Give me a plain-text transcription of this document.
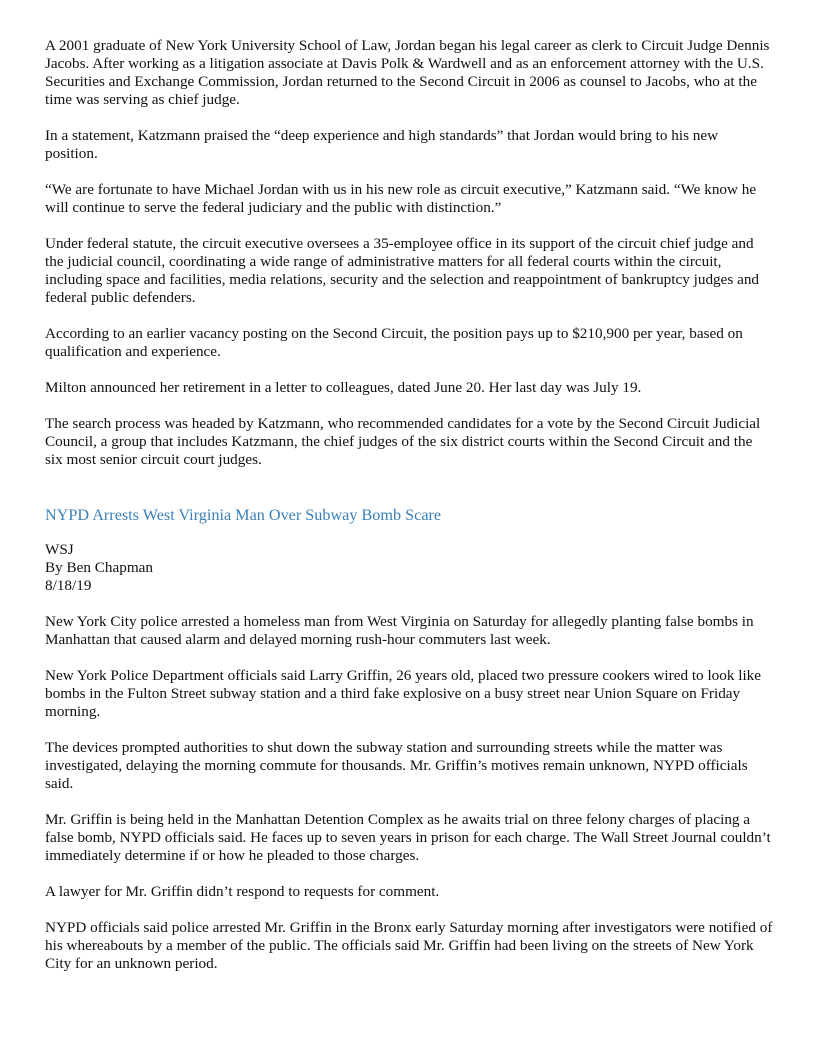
A 2001 graduate of New York University School of Law, Jordan began his legal career as clerk to Circuit Judge Dennis Jacobs. After working as a litigation associate at Davis Polk & Wardwell and as an enforcement attorney with the U.S. Securities and Exchange Commission, Jordan returned to the Second Circuit in 2006 as counsel to Jacobs, who at the time was serving as chief judge.

In a statement, Katzmann praised the “deep experience and high standards” that Jordan would bring to his new position.

“We are fortunate to have Michael Jordan with us in his new role as circuit executive,” Katzmann said. “We know he will continue to serve the federal judiciary and the public with distinction.”

Under federal statute, the circuit executive oversees a 35-employee office in its support of the circuit chief judge and the judicial council, coordinating a wide range of administrative matters for all federal courts within the circuit, including space and facilities, media relations, security and the selection and reappointment of bankruptcy judges and federal public defenders.

According to an earlier vacancy posting on the Second Circuit, the position pays up to $210,900 per year, based on qualification and experience.

Milton announced her retirement in a letter to colleagues, dated June 20. Her last day was July 19.

The search process was headed by Katzmann, who recommended candidates for a vote by the Second Circuit Judicial Council, a group that includes Katzmann, the chief judges of the six district courts within the Second Circuit and the six most senior circuit court judges.

NYPD Arrests West Virginia Man Over Subway Bomb Scare
WSJ
By Ben Chapman
8/18/19

New York City police arrested a homeless man from West Virginia on Saturday for allegedly planting false bombs in Manhattan that caused alarm and delayed morning rush-hour commuters last week.

New York Police Department officials said Larry Griffin, 26 years old, placed two pressure cookers wired to look like bombs in the Fulton Street subway station and a third fake explosive on a busy street near Union Square on Friday morning.

The devices prompted authorities to shut down the subway station and surrounding streets while the matter was investigated, delaying the morning commute for thousands. Mr. Griffin’s motives remain unknown, NYPD officials said.

Mr. Griffin is being held in the Manhattan Detention Complex as he awaits trial on three felony charges of placing a false bomb, NYPD officials said. He faces up to seven years in prison for each charge. The Wall Street Journal couldn’t immediately determine if or how he pleaded to those charges.

A lawyer for Mr. Griffin didn’t respond to requests for comment.

NYPD officials said police arrested Mr. Griffin in the Bronx early Saturday morning after investigators were notified of his whereabouts by a member of the public. The officials said Mr. Griffin had been living on the streets of New York City for an unknown period.
